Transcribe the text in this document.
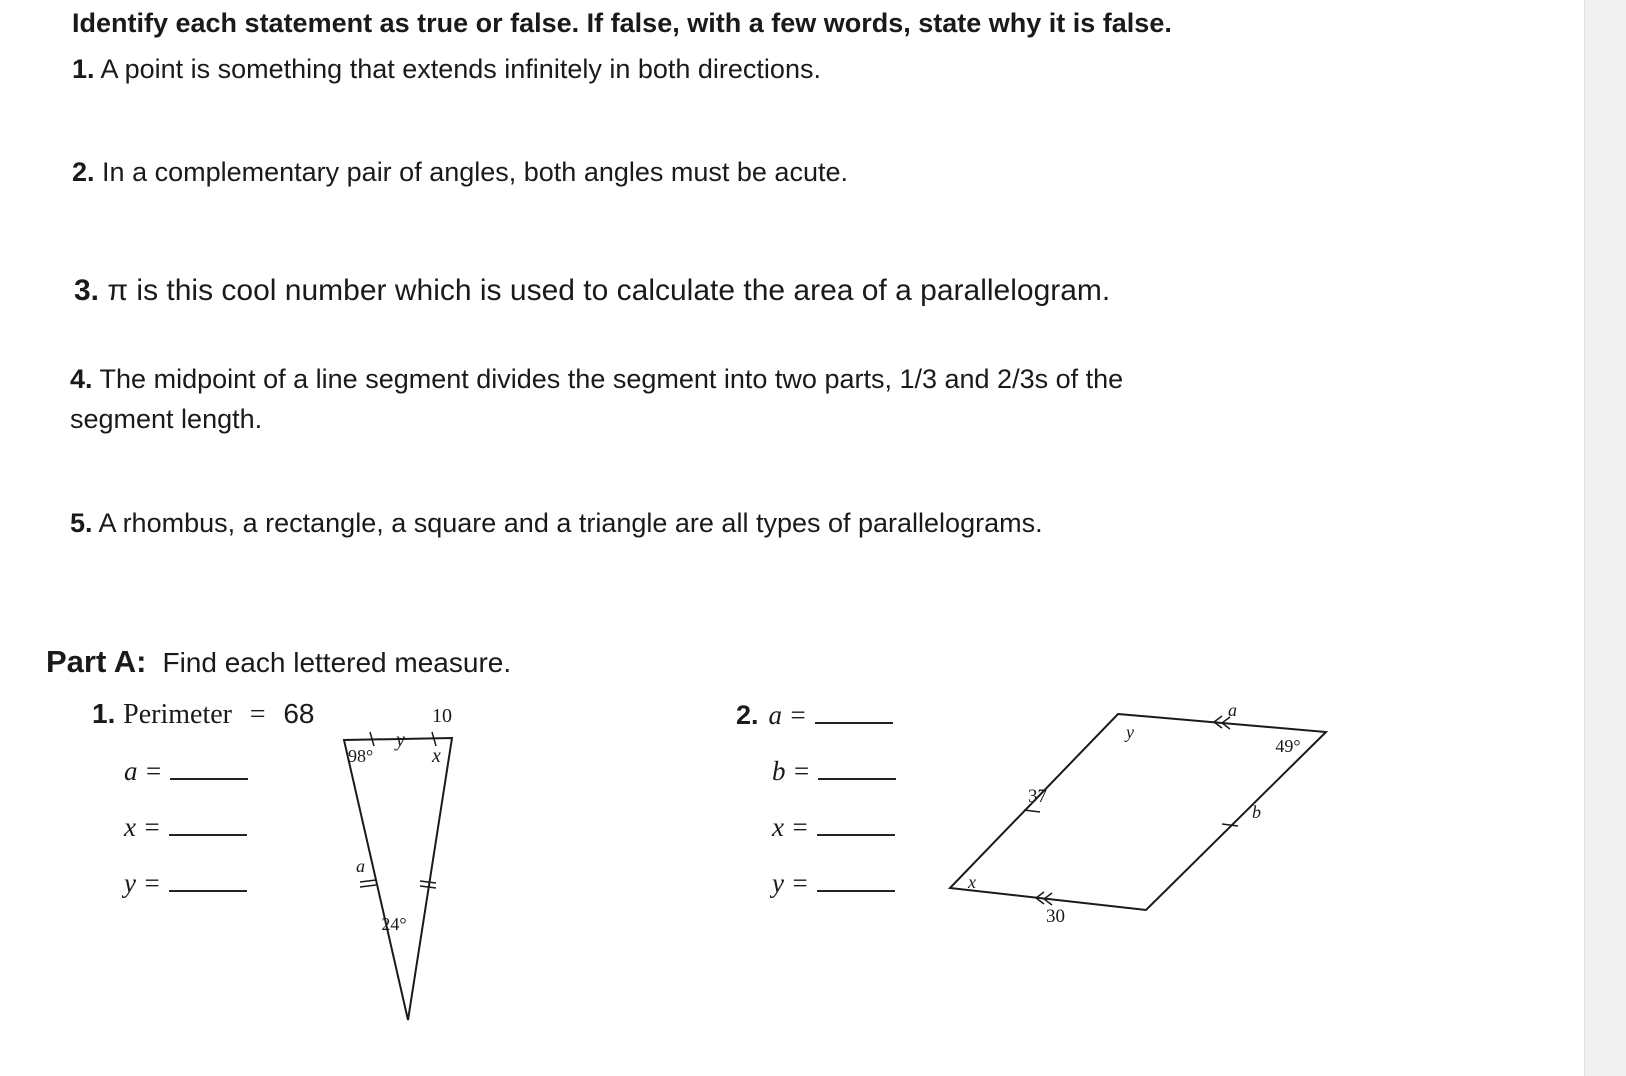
Identify each statement as true or false. If false, with a few words, state why it is false.
1. A point is something that extends infinitely in both directions.
2. In a complementary pair of angles, both angles must be acute.
3. π is this cool number which is used to calculate the area of a parallelogram.
4. The midpoint of a line segment divides the segment into two parts, 1/3 and 2/3s of the
segment length.
5. A rhombus, a rectangle, a square and a triangle are all types of parallelograms.
Part A: Find each lettered measure.
1. Perimeter = 68
a =
x =
y =
10
98°
y
x
a
24°
2. a =
b =
x =
y =
a
y
49°
37
b
x
30
